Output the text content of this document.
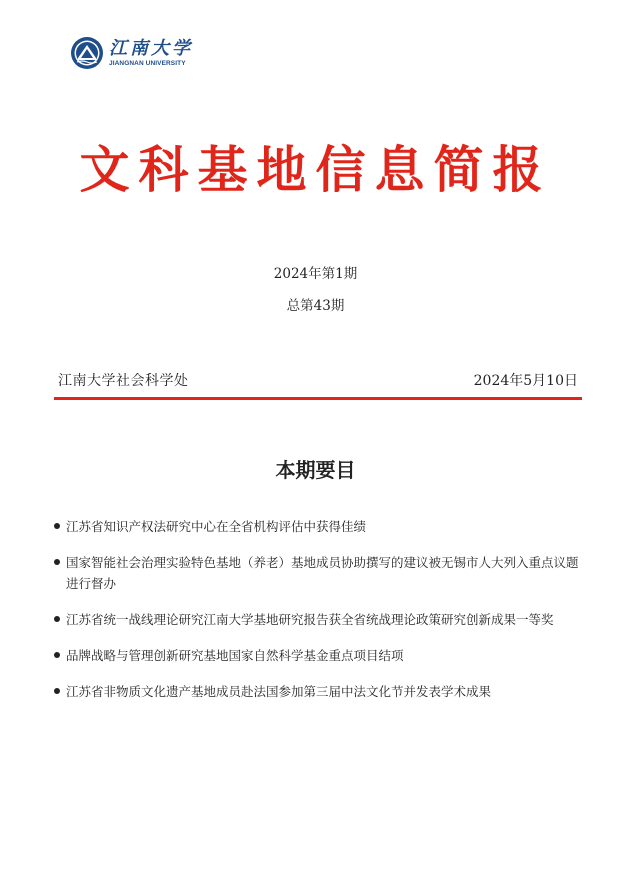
江南大学
JIANGNAN UNIVERSITY
文科基地信息简报
2024年第1期
总第43期
江南大学社会科学处	2024年5月10日
本期要目
江苏省知识产权法研究中心在全省机构评估中获得佳绩
国家智能社会治理实验特色基地（养老）基地成员协助撰写的建议被无锡市人大列入重点议题进行督办
江苏省统一战线理论研究江南大学基地研究报告获全省统战理论政策研究创新成果一等奖
品牌战略与管理创新研究基地国家自然科学基金重点项目结项
江苏省非物质文化遗产基地成员赴法国参加第三届中法文化节并发表学术成果
